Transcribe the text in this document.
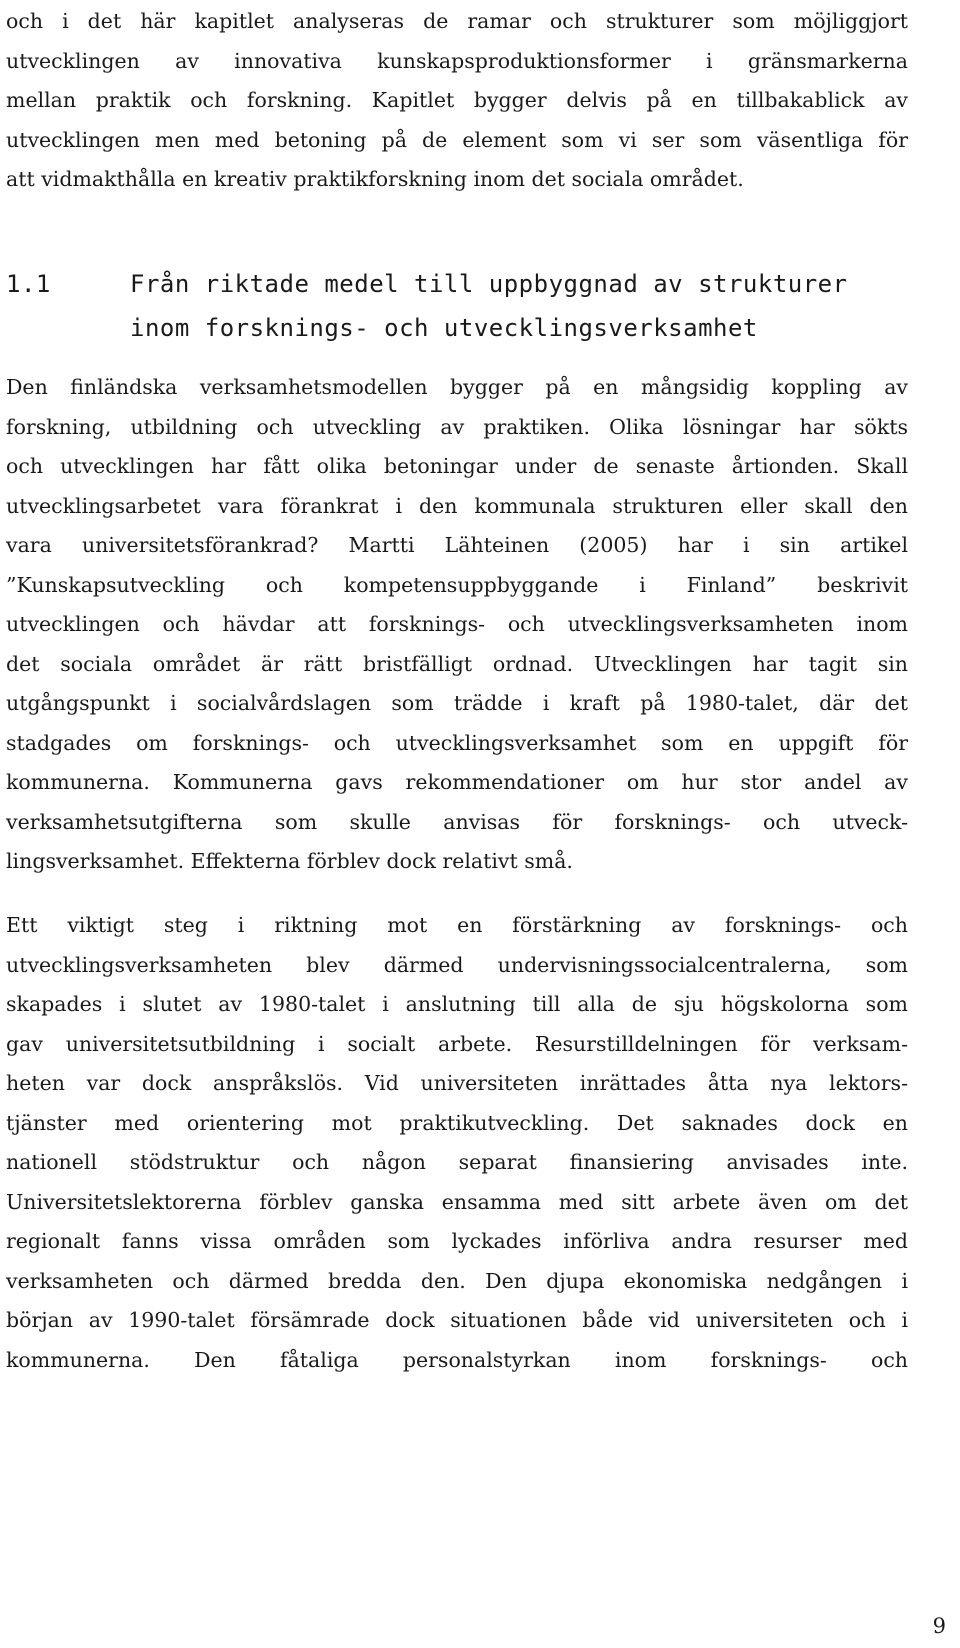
och i det här kapitlet analyseras de ramar och strukturer som möjliggjort
utvecklingen av innovativa kunskapsproduktionsformer i gränsmarkerna
mellan praktik och forskning. Kapitlet bygger delvis på en tillbakablick av
utvecklingen men med betoning på de element som vi ser som väsentliga för
att vidmakthålla en kreativ praktikforskning inom det sociala området.
1.1	Från riktade medel till uppbyggnad av strukturer
inom forsknings- och utvecklingsverksamhet
Den finländska verksamhetsmodellen bygger på en mångsidig koppling av
forskning, utbildning och utveckling av praktiken. Olika lösningar har sökts
och utvecklingen har fått olika betoningar under de senaste årtionden. Skall
utvecklingsarbetet vara förankrat i den kommunala strukturen eller skall den
vara universitetsförankrad? Martti Lähteinen (2005) har i sin artikel
”Kunskapsutveckling och kompetensuppbyggande i Finland” beskrivit
utvecklingen och hävdar att forsknings- och utvecklingsverksamheten inom
det sociala området är rätt bristfälligt ordnad. Utvecklingen har tagit sin
utgångspunkt i socialvårdslagen som trädde i kraft på 1980-talet, där det
stadgades om forsknings- och utvecklingsverksamhet som en uppgift för
kommunerna. Kommunerna gavs rekommendationer om hur stor andel av
verksamhetsutgifterna som skulle anvisas för forsknings- och utveck-
lingsverksamhet. Effekterna förblev dock relativt små.
Ett viktigt steg i riktning mot en förstärkning av forsknings- och
utvecklingsverksamheten blev därmed undervisningssocialcentralerna, som
skapades i slutet av 1980-talet i anslutning till alla de sju högskolorna som
gav universitetsutbildning i socialt arbete. Resurstilldelningen för verksam-
heten var dock anspråkslös. Vid universiteten inrättades åtta nya lektors-
tjänster med orientering mot praktikutveckling. Det saknades dock en
nationell stödstruktur och någon separat finansiering anvisades inte.
Universitetslektorerna förblev ganska ensamma med sitt arbete även om det
regionalt fanns vissa områden som lyckades införliva andra resurser med
verksamheten och därmed bredda den. Den djupa ekonomiska nedgången i
början av 1990-talet försämrade dock situationen både vid universiteten och i
kommunerna. Den fåtaliga personalstyrkan inom forsknings- och
9
